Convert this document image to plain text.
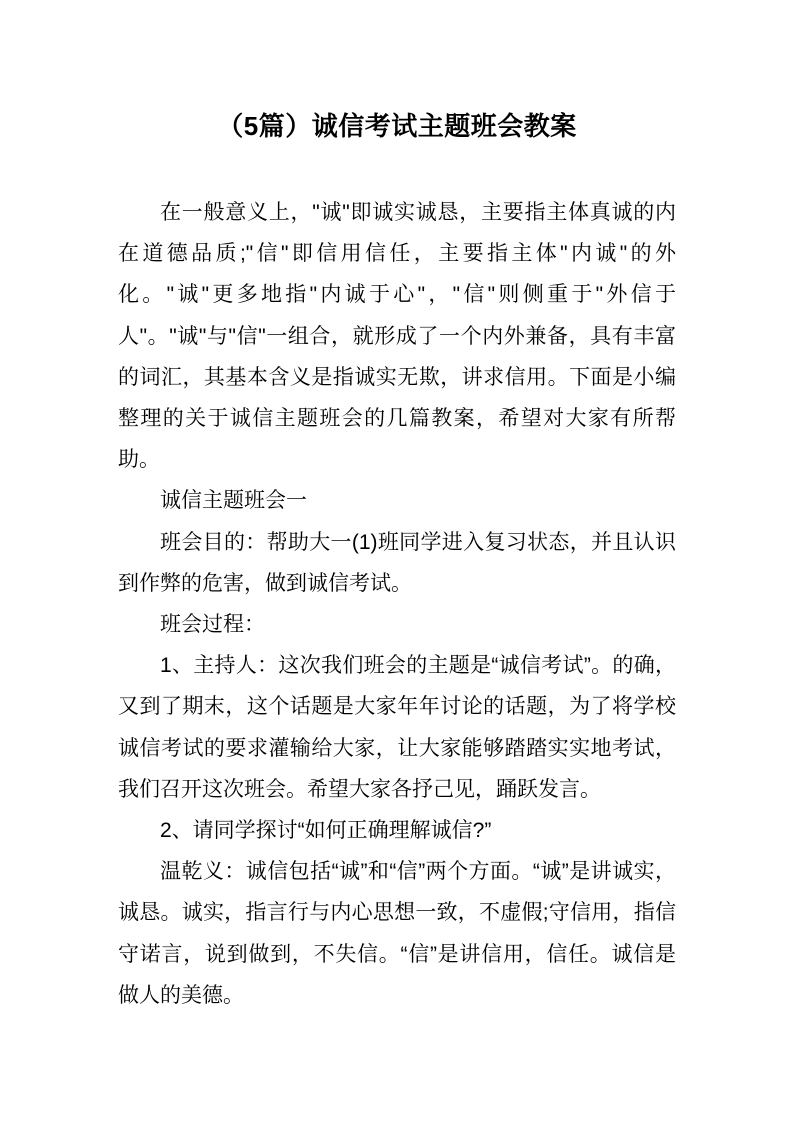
（5篇）诚信考试主题班会教案

在一般意义上，"诚"即诚实诚恳，主要指主体真诚的内在道德品质;"信"即信用信任，主要指主体"内诚"的外化。"诚"更多地指"内诚于心"，"信"则侧重于"外信于人"。"诚"与"信"一组合，就形成了一个内外兼备，具有丰富的词汇，其基本含义是指诚实无欺，讲求信用。下面是小编整理的关于诚信主题班会的几篇教案，希望对大家有所帮助。

诚信主题班会一

班会目的：帮助大一(1)班同学进入复习状态，并且认识到作弊的危害，做到诚信考试。

班会过程：

1、主持人：这次我们班会的主题是“诚信考试”。的确，又到了期末，这个话题是大家年年讨论的话题，为了将学校诚信考试的要求灌输给大家，让大家能够踏踏实实地考试，我们召开这次班会。希望大家各抒己见，踊跃发言。

2、请同学探讨“如何正确理解诚信?”

温乾义：诚信包括“诚”和“信”两个方面。“诚”是讲诚实，诚恳。诚实，指言行与内心思想一致，不虚假;守信用，指信守诺言，说到做到，不失信。“信”是讲信用，信任。诚信是做人的美德。
